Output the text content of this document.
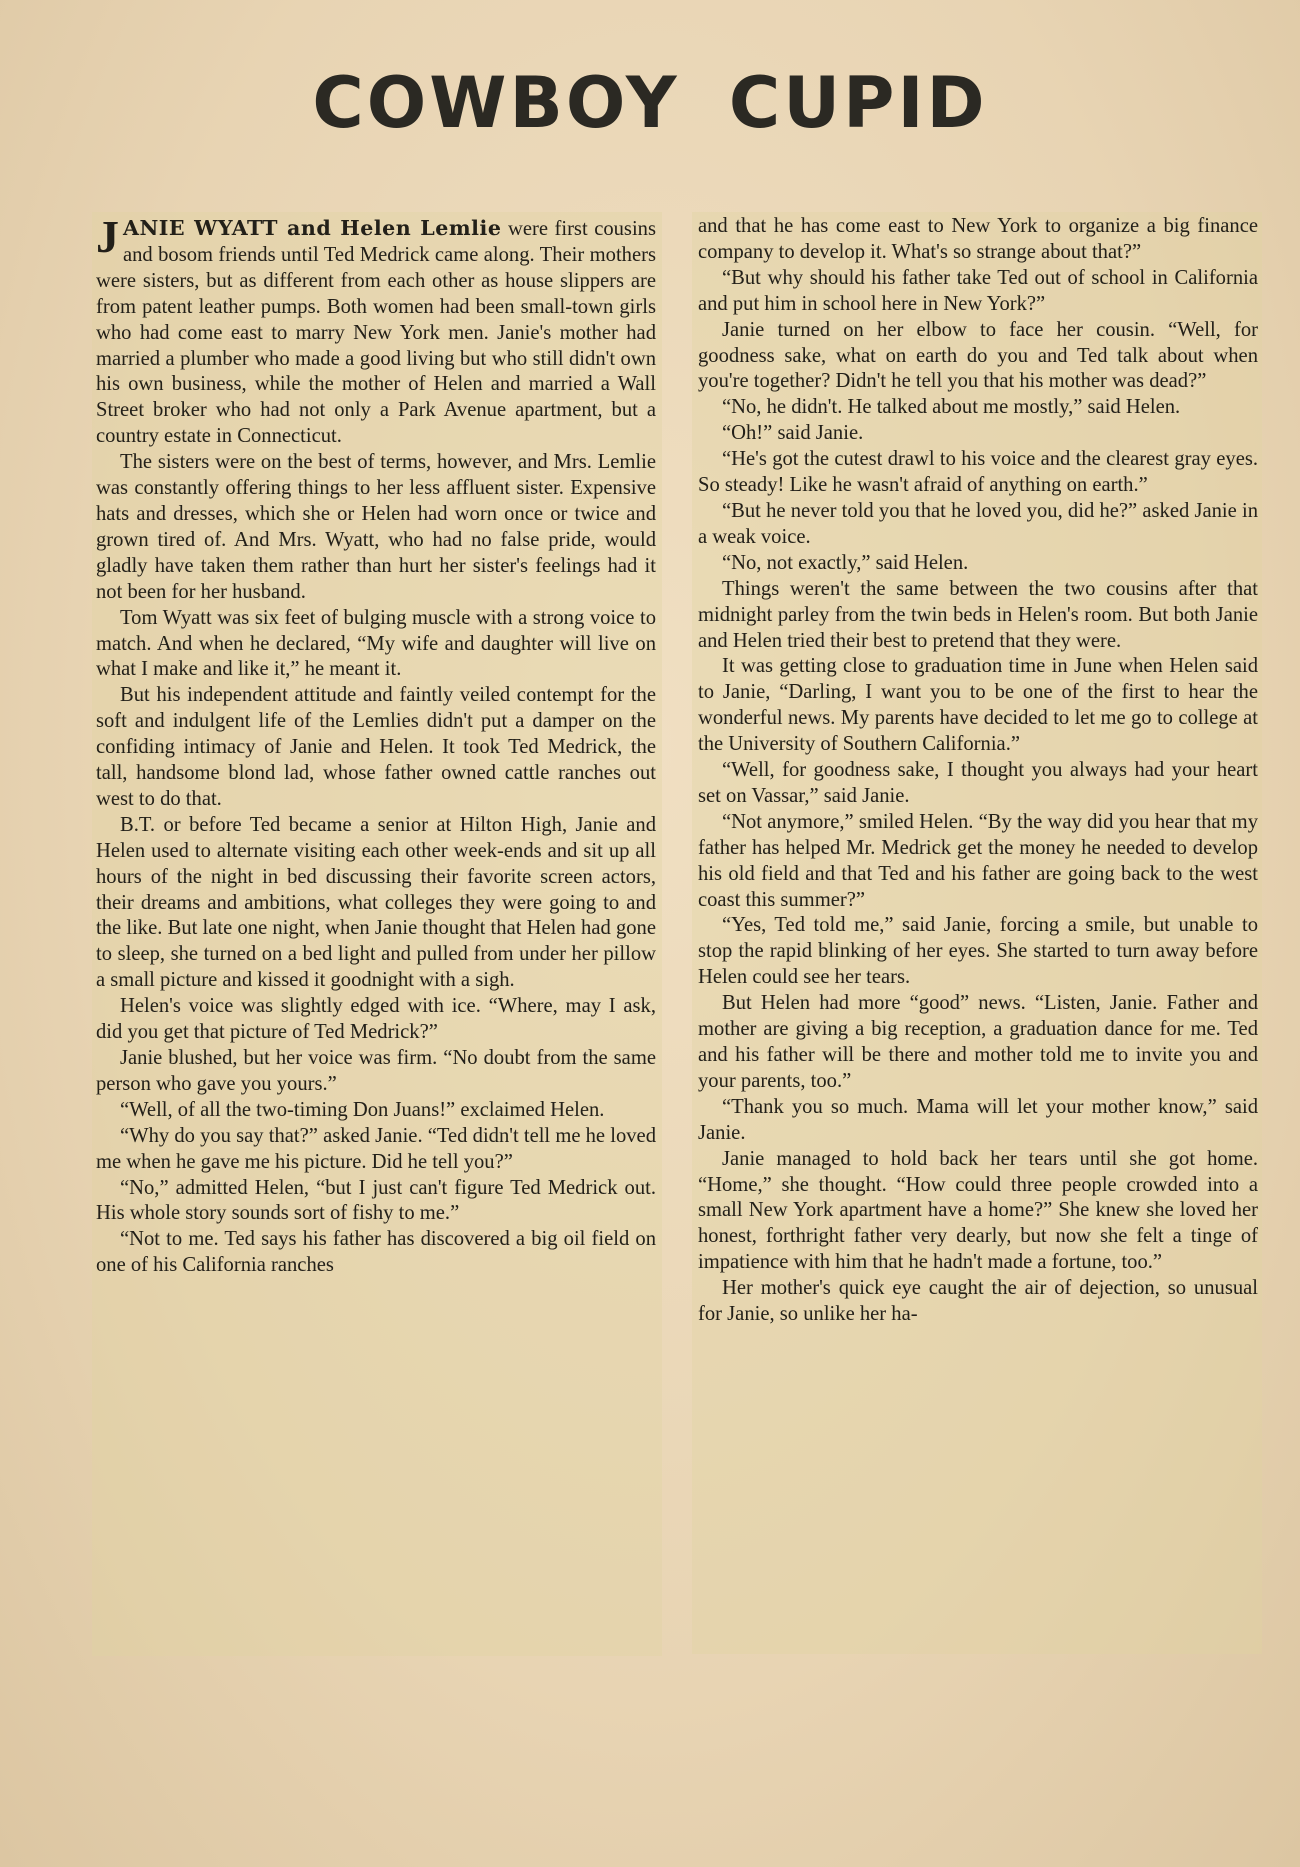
COWBOY CUPID

JANIE WYATT and Helen Lemlie were first cousins and bosom friends until Ted Medrick came along. Their mothers were sisters, but as different from each other as house slippers are from patent leather pumps. Both women had been small-town girls who had come east to marry New York men. Janie's mother had married a plumber who made a good living but who still didn't own his own business, while the mother of Helen and married a Wall Street broker who had not only a Park Avenue apartment, but a country estate in Connecticut.

The sisters were on the best of terms, however, and Mrs. Lemlie was constantly offering things to her less affluent sister. Expensive hats and dresses, which she or Helen had worn once or twice and grown tired of. And Mrs. Wyatt, who had no false pride, would gladly have taken them rather than hurt her sister's feelings had it not been for her husband.

Tom Wyatt was six feet of bulging muscle with a strong voice to match. And when he declared, “My wife and daughter will live on what I make and like it,” he meant it.

But his independent attitude and faintly veiled contempt for the soft and indulgent life of the Lemlies didn't put a damper on the confiding intimacy of Janie and Helen. It took Ted Medrick, the tall, handsome blond lad, whose father owned cattle ranches out west to do that.

B.T. or before Ted became a senior at Hilton High, Janie and Helen used to alternate visiting each other week-ends and sit up all hours of the night in bed discussing their favorite screen actors, their dreams and ambitions, what colleges they were going to and the like. But late one night, when Janie thought that Helen had gone to sleep, she turned on a bed light and pulled from under her pillow a small picture and kissed it goodnight with a sigh.

Helen's voice was slightly edged with ice. “Where, may I ask, did you get that picture of Ted Medrick?”

Janie blushed, but her voice was firm. “No doubt from the same person who gave you yours.”

“Well, of all the two-timing Don Juans!” exclaimed Helen.

“Why do you say that?” asked Janie. “Ted didn't tell me he loved me when he gave me his picture. Did he tell you?”

“No,” admitted Helen, “but I just can't figure Ted Medrick out. His whole story sounds sort of fishy to me.”

“Not to me. Ted says his father has discovered a big oil field on one of his California ranches

and that he has come east to New York to organize a big finance company to develop it. What's so strange about that?”

“But why should his father take Ted out of school in California and put him in school here in New York?”

Janie turned on her elbow to face her cousin. “Well, for goodness sake, what on earth do you and Ted talk about when you're together? Didn't he tell you that his mother was dead?”

“No, he didn't. He talked about me mostly,” said Helen.

“Oh!” said Janie.

“He's got the cutest drawl to his voice and the clearest gray eyes. So steady! Like he wasn't afraid of anything on earth.”

“But he never told you that he loved you, did he?” asked Janie in a weak voice.

“No, not exactly,” said Helen.

Things weren't the same between the two cousins after that midnight parley from the twin beds in Helen's room. But both Janie and Helen tried their best to pretend that they were.

It was getting close to graduation time in June when Helen said to Janie, “Darling, I want you to be one of the first to hear the wonderful news. My parents have decided to let me go to college at the University of Southern California.”

“Well, for goodness sake, I thought you always had your heart set on Vassar,” said Janie.

“Not anymore,” smiled Helen. “By the way did you hear that my father has helped Mr. Medrick get the money he needed to develop his old field and that Ted and his father are going back to the west coast this summer?”

“Yes, Ted told me,” said Janie, forcing a smile, but unable to stop the rapid blinking of her eyes. She started to turn away before Helen could see her tears.

But Helen had more “good” news. “Listen, Janie. Father and mother are giving a big reception, a graduation dance for me. Ted and his father will be there and mother told me to invite you and your parents, too.”

“Thank you so much. Mama will let your mother know,” said Janie.

Janie managed to hold back her tears until she got home. “Home,” she thought. “How could three people crowded into a small New York apartment have a home?” She knew she loved her honest, forthright father very dearly, but now she felt a tinge of impatience with him that he hadn't made a fortune, too.”

Her mother's quick eye caught the air of dejection, so unusual for Janie, so unlike her ha-
